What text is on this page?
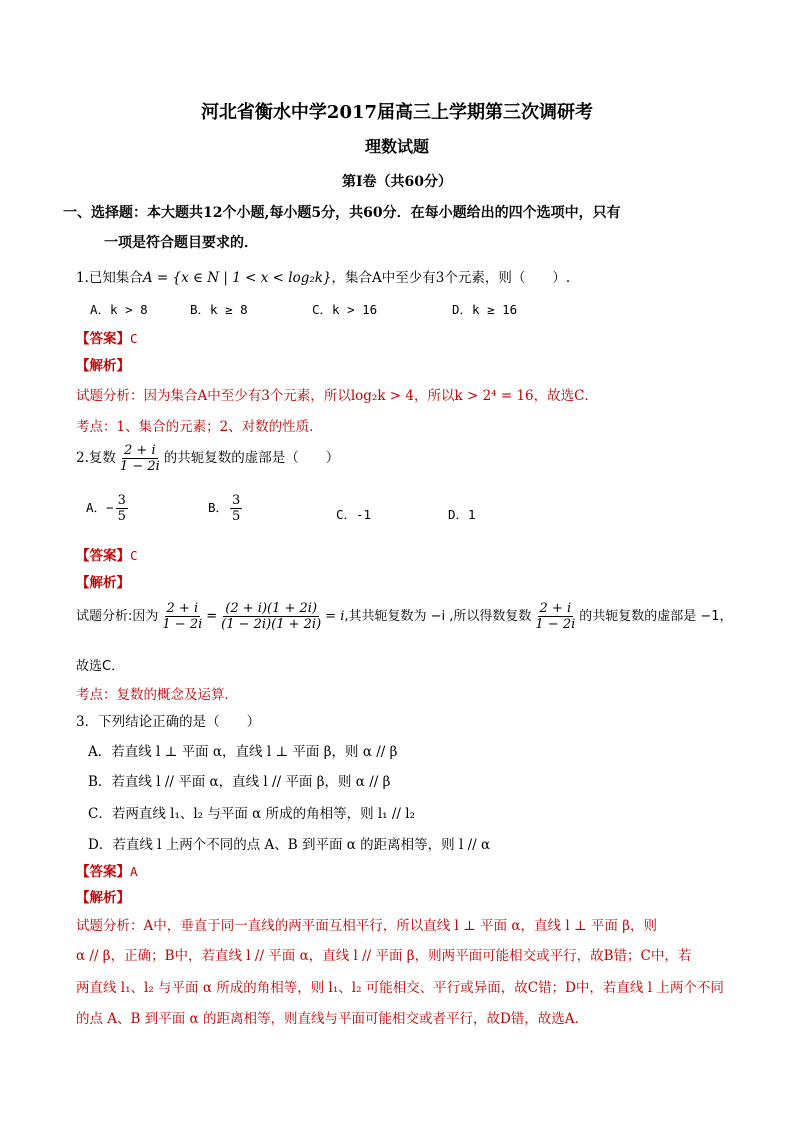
河北省衡水中学2017届高三上学期第三次调研考
理数试题
第Ⅰ卷（共60分）
一、选择题：本大题共12个小题,每小题5分，共60分．在每小题给出的四个选项中，只有
一项是符合题目要求的．
1.已知集合A = {x ∈ N | 1 < x < log₂k}，集合A中至少有3个元素，则（　　）.
A．k > 8	B．k ≥ 8	C．k > 16	D．k ≥ 16
【答案】C
【解析】
试题分析：因为集合A中至少有3个元素，所以log₂k > 4，所以k > 2⁴ = 16，故选C．
考点：1、集合的元素；2、对数的性质．
2.复数 $\frac{2 + i}{1 - 2i}$ 的共轭复数的虚部是（　　）
A．− $\frac{3}{5}$	B． $\frac{3}{5}$	C．-1	D．1
【答案】C
【解析】
试题分析:因为 $\frac{2 + i}{1 - 2i} = \frac{(2 + i)(1 + 2i)}{(1 - 2i)(1 + 2i)} = i$,其共轭复数为 −i ,所以得数复数 $\frac{2 + i}{1 - 2i}$ 的共轭复数的虚部是 −1，
故选C．
考点：复数的概念及运算．
3．下列结论正确的是（　　）
A．若直线 l ⊥ 平面 α，直线 l ⊥ 平面 β，则 α // β
B．若直线 l // 平面 α，直线 l // 平面 β，则 α // β
C．若两直线 l₁、l₂ 与平面 α 所成的角相等，则 l₁ // l₂
D．若直线 l 上两个不同的点 A、B 到平面 α 的距离相等，则 l // α
【答案】A
【解析】
试题分析：A中，垂直于同一直线的两平面互相平行，所以直线 l ⊥ 平面 α，直线 l ⊥ 平面 β，则
α // β，正确；B中，若直线 l // 平面 α，直线 l // 平面 β，则两平面可能相交或平行，故B错；C中，若
两直线 l₁、l₂ 与平面 α 所成的角相等，则 l₁、l₂ 可能相交、平行或异面，故C错；D中，若直线 l 上两个不同
的点 A、B 到平面 α 的距离相等，则直线与平面可能相交或者平行，故D错，故选A．
